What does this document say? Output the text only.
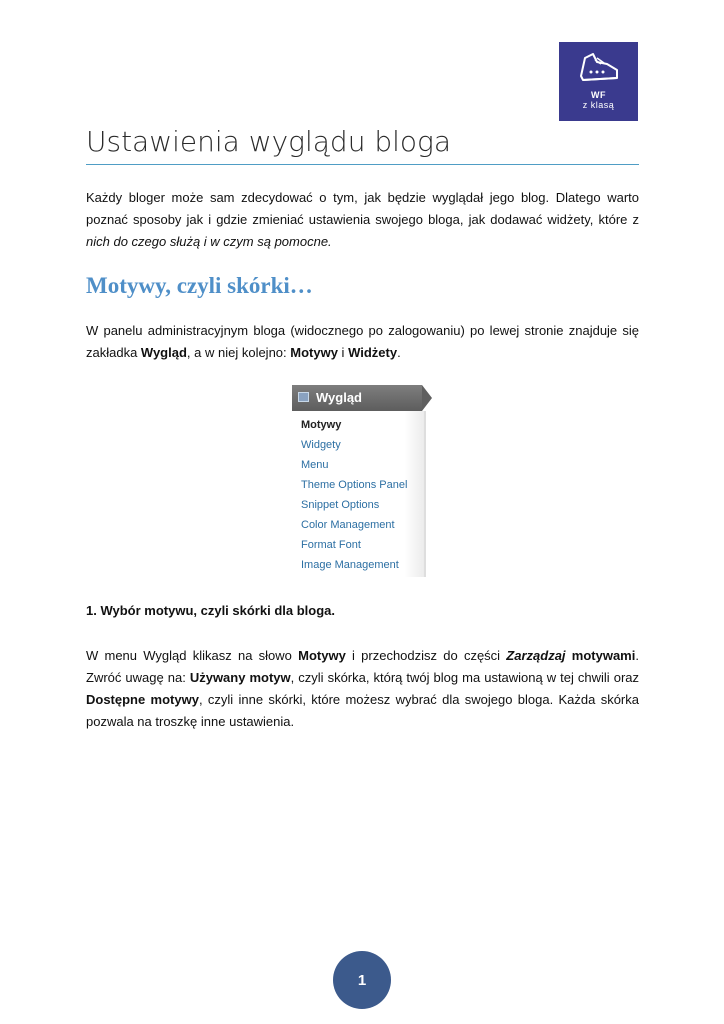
WF
z klasą
Ustawienia wyglądu bloga

Każdy bloger może sam zdecydować o tym, jak będzie wyglądał jego blog. Dlatego warto poznać sposoby jak i gdzie zmieniać ustawienia swojego bloga, jak dodawać widżety, które z nich do czego służą i w czym są pomocne.

Motywy, czyli skórki…

W panelu administracyjnym bloga (widocznego po zalogowaniu) po lewej stronie znajduje się zakładka Wygląd, a w niej kolejno: Motywy i Widżety.

Wygląd
Motywy
Widgety
Menu
Theme Options Panel
Snippet Options
Color Management
Format Font
Image Management
1. Wybór motywu, czyli skórki dla bloga.

W menu Wygląd klikasz na słowo Motywy i przechodzisz do części Zarządzaj motywami. Zwróć uwagę na: Używany motyw, czyli skórka, którą twój blog ma ustawioną w tej chwili oraz Dostępne motywy, czyli inne skórki, które możesz wybrać dla swojego bloga. Każda skórka pozwala na troszkę inne ustawienia.

1
